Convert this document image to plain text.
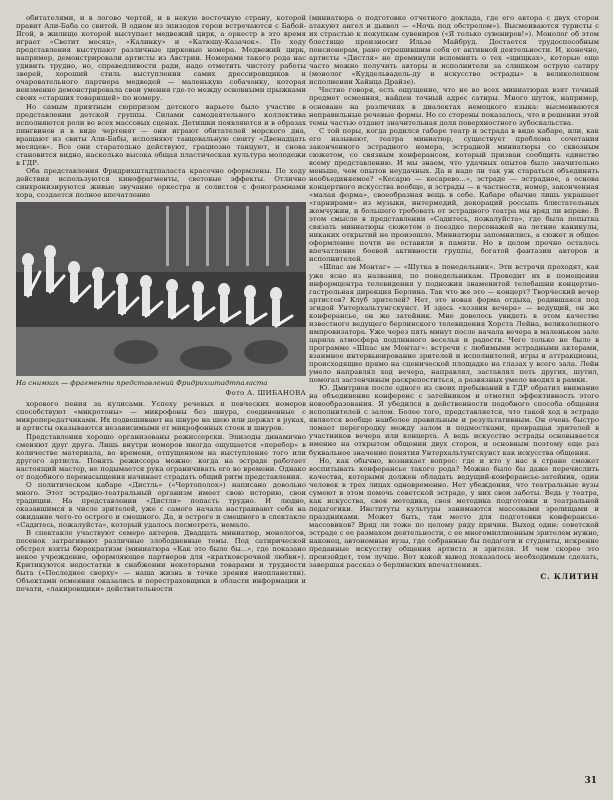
обитателями, и в логово чертей, и в некую восточную страну, которой правит Али-Баба со свитой. В одном из эпизодов герои встречаются с Бабой-Ягой, в жилище которой выступает медвежий цирк, а оркестр в это время играет «Светит месяц», «Калинку» и «Катюшу-Казачок». По ходу представления выступают различные цирковые номера. Медвежий цирк, например, демонстрировали артисты из Австрии. Номерами такого рода нас удивить трудно, но, справедливости ради, надо отметить чистоту работы зверей, хороший стиль выступления самих дрессировщиков и очаровательного партнера медведей — маленькую собачонку, которая неизменно демонстрировала свои умения где-то между основными прыжками своих «старших товарищей» по номеру.

Но самым приятным сюрпризом детского варьете было участие в представлении детской группы. Силами самодеятельного коллектива исполняются роли во всех массовых сценах. Детишки появляются и в образах пингвинов и в виде чертенят — они играют обитателей морского дна, вращают из свиты Али-Бабы, исполняют танцевальную сюиту «Двенадцать месяцев». Все они старательно действуют, грациозно танцуют, и снова становится видно, насколько высока общая пластическая культура молодежи в ГДР.

Оба представления Фридрихштадтпаласта красочно оформлены. По ходу действия используются кинофрагменты, световые эффекты. Отлично синхронизируются живые звучание оркестра и солистов с фонограммами хора, создается полное впечатление

На снимках — фрагменты представлений Фридрихштадтпаласта
Фото А. ШИБАНОВА

хорового пения за кулисами. Успеху речевых и певческих номеров способствуют «микротоны» — микрофоны без шнура, соединенные с микропередатчиками. Их подвешивают на шнуре на шею или держат в руках, и артисты оказываются независимыми от микрофонных стоек и шнуров.

Представления хорошо организованы режиссерски. Эпизоды динамично сменяют друг друга. Лишь внутри номеров иногда ощущается «перебор» в количестве материала, во времени, отпущенном на выступление того или другого артиста. Понять режиссера можно: когда на эстраде работает настоящий мастер, не подымается рука ограничивать его во времени. Однако от подобного перенасыщения начинает страдать общий ритм представления.

О политическом кабаре «Дистль» («Чертополох») написано довольно много. Этот эстрадно-театральный организм имеет свою историю, свои традиции. На представлении «Дистля» попасть трудно. И людно, оказавшимся в числе зрителей, уже с самого начала настраивают себя на ожидание чего-то острого и смешного. Да, и остроге и смешного в спектакле «Садитесь, пожалуйста», который удалось посмотреть, немало.

В спектакле участвуют семеро актеров. Двадцать миниатюр, монологов, песенок затрагивают различные злободневные темы. Под сатирической обстрел взяты бюрократизм (миниатюра «Как это было бы...», где показано некое учреждение, оформляющее партнеров для «кратковсрочной любви»). Критикуются недостатки в снабжении некоторыми товарами и трудности быта («Последнее сверху» — наша жизнь в точке зрения инопланетян). Объектами осмеяния оказались и перестраховщики в области информации и печати, «лакировщики» действительности

(миниатюра о подготовке отчетного доклада, где его автора с двух сторон атакуют ангел и дьявол — «Ночь под обстрелом»). Высмеиваются туристы с их страстью к покупкам сувениров («Я только сувениров!»). Монолог об этом блестяще произносит Ильзе Майбруд. Достается трудоспособным пенсионерам, рано отрешившим себя от активной деятельности. И, конечно, артисты «Дистля» не преминули вспомнить о тех «щищках», которые еще часто можно получить авторы и исполнители за слишком острую сатиру (монолог «Куддельвадель-ду и искусство эстрады» в великолепном исполнении Хайнца Драйзе).

Честно говоря, есть ощущение, что не во всех миниатюрах взят точный предмет осмеяния, найден точный адрес сатиры. Много шуток, например, основано на различиях в диалектах немецкого языка: высмеиваются неправильные речевые формы. Но со стороны показалось, что в решении этой темы частью отдают значительная доля поверхностного зубоскальства.

С той поры, когда родился габаре театр и эстрада в виде кабаре, или, как его называют, театра миниатюр, существует проблема сочетания законченного эстрадного номера, эстрадной миниатюры со сквозным сюжетом, со связным конферансом, который призван сообщить единство всему представлению. И мы знаем, что удачных опытов было значительно меньше, чем опытов неудачных. Да и надо ли так уж стараться объединять необъединяемое? «Кесарю — кесарево...», эстраде — эстрадное, а основа концертного искусства вообще, и эстрады — в частности, номер, законченная «малая форма», своеобразная вещь в себе. Кабаре обычно лишь украшает «гарнирами» из музыки, интермедий, декораций россыпь блистательных жемчужин, и большего требовать от эстрадного театра мы вряд ли вправе. В этом смысле в представлении «Садитесь, пожалуйста», где была попытка связать миниатюры сюжетом о поездке персонажей на летние каникулы, никаких открытий не произошло. Миниатюры запомнились, а сюжет и общее оформление почти не оставили в памяти. Но в целом прочно осталось впечатление боевой активности группы, богатой фантазии авторов и исполнителей.

«Шпас ам Монтаг» — «Шутка в понедельник». Эти встречи проходят, как уже ясно из названия, по понедельникам. Проводит их в помещении информцентра телевидения у подножия знаменитой телебашни концертно-гастрольная дирекция Берлина. Так что же это — концерт? Творческий вечер артистов? Клуб зрителей? Нет, это новая форма отдыха, родившаяся под эгидой Унтерхальтунгскунст. И здесь «хозяин вечера» — ведущий, он же конферансье, он же затейник. Мне довелось увидеть в этом качестве известного ведущего берлинского телевидения Хорста Лейна, великолепного импровизатора. Уже через пять минут после начала вечера в маленьком зале царила атмосфера подлинного веселья и радости. Чего только не было в программе «Шпас ам Монтаг»: встречи с любимыми эстрадными актерами, взаимное интервьюирование зрителей и исполнителей, игры и аттракционы, происходящие прямо на сценической площадке на глазах у всего зала. Лейн умело направлял ход вечера, направлял, заставлял петь других, шутил, помогал застенчивым раскрепоститься, а развязных умело вводил в рамки.

Ю. Дмитриев после одного из своих пребываний в ГДР обратил внимание на объединение конференс с затейником и отметил эффективность этого новообразования. Я убедился в действенности подобного способа общения исполнителей с залом. Более того, представляется, что такой ход в эстраде является вообще наиболее правильным и результативным. Он очень быстро ломает перегородку между залом и подмостками, превращая зрителей в участников вечера или концерта. А ведь искусство эстрады основывается именно на открытом общении двух сторон, и основным поэтому еще раз буквальное значение понятия Унтерхальтунгскунст как искусства общения.

Но, как обычно, возникает вопрос: где и кто у нас в стране сможет воспитывать конферансье такого рода? Можно было бы даже перечислить качества, которыми должен обладать ведущий-конферансье-затейник, один человек в трех лицах одновременно. Нет убеждения, что театральные вузы сумеют в этом помочь советской эстраде, у них свои заботы. Ведь у театра, как искусства, своя методика, своя методика подготовки и театральной педагогики. Институты культуры занимаются массовыми зрелищами и праздниками. Может быть, там место для подготовки конферансье-массовиков? Вряд ли тоже по целому ряду причин. Выход один: советской эстраде с ее размахом деятельности, с ее многомиллионным зрителем нужно, наконец, автономные вузы, где собранные бы педагоги и студенты, искренне преданные искусству общения артиста и зрителя. И чем скорее это произойдет, тем лучше. Вот какой вывод показалось необходимым сделать, завершая рассказ о берлинских впечатлениях.

С. КЛИТИН
31
